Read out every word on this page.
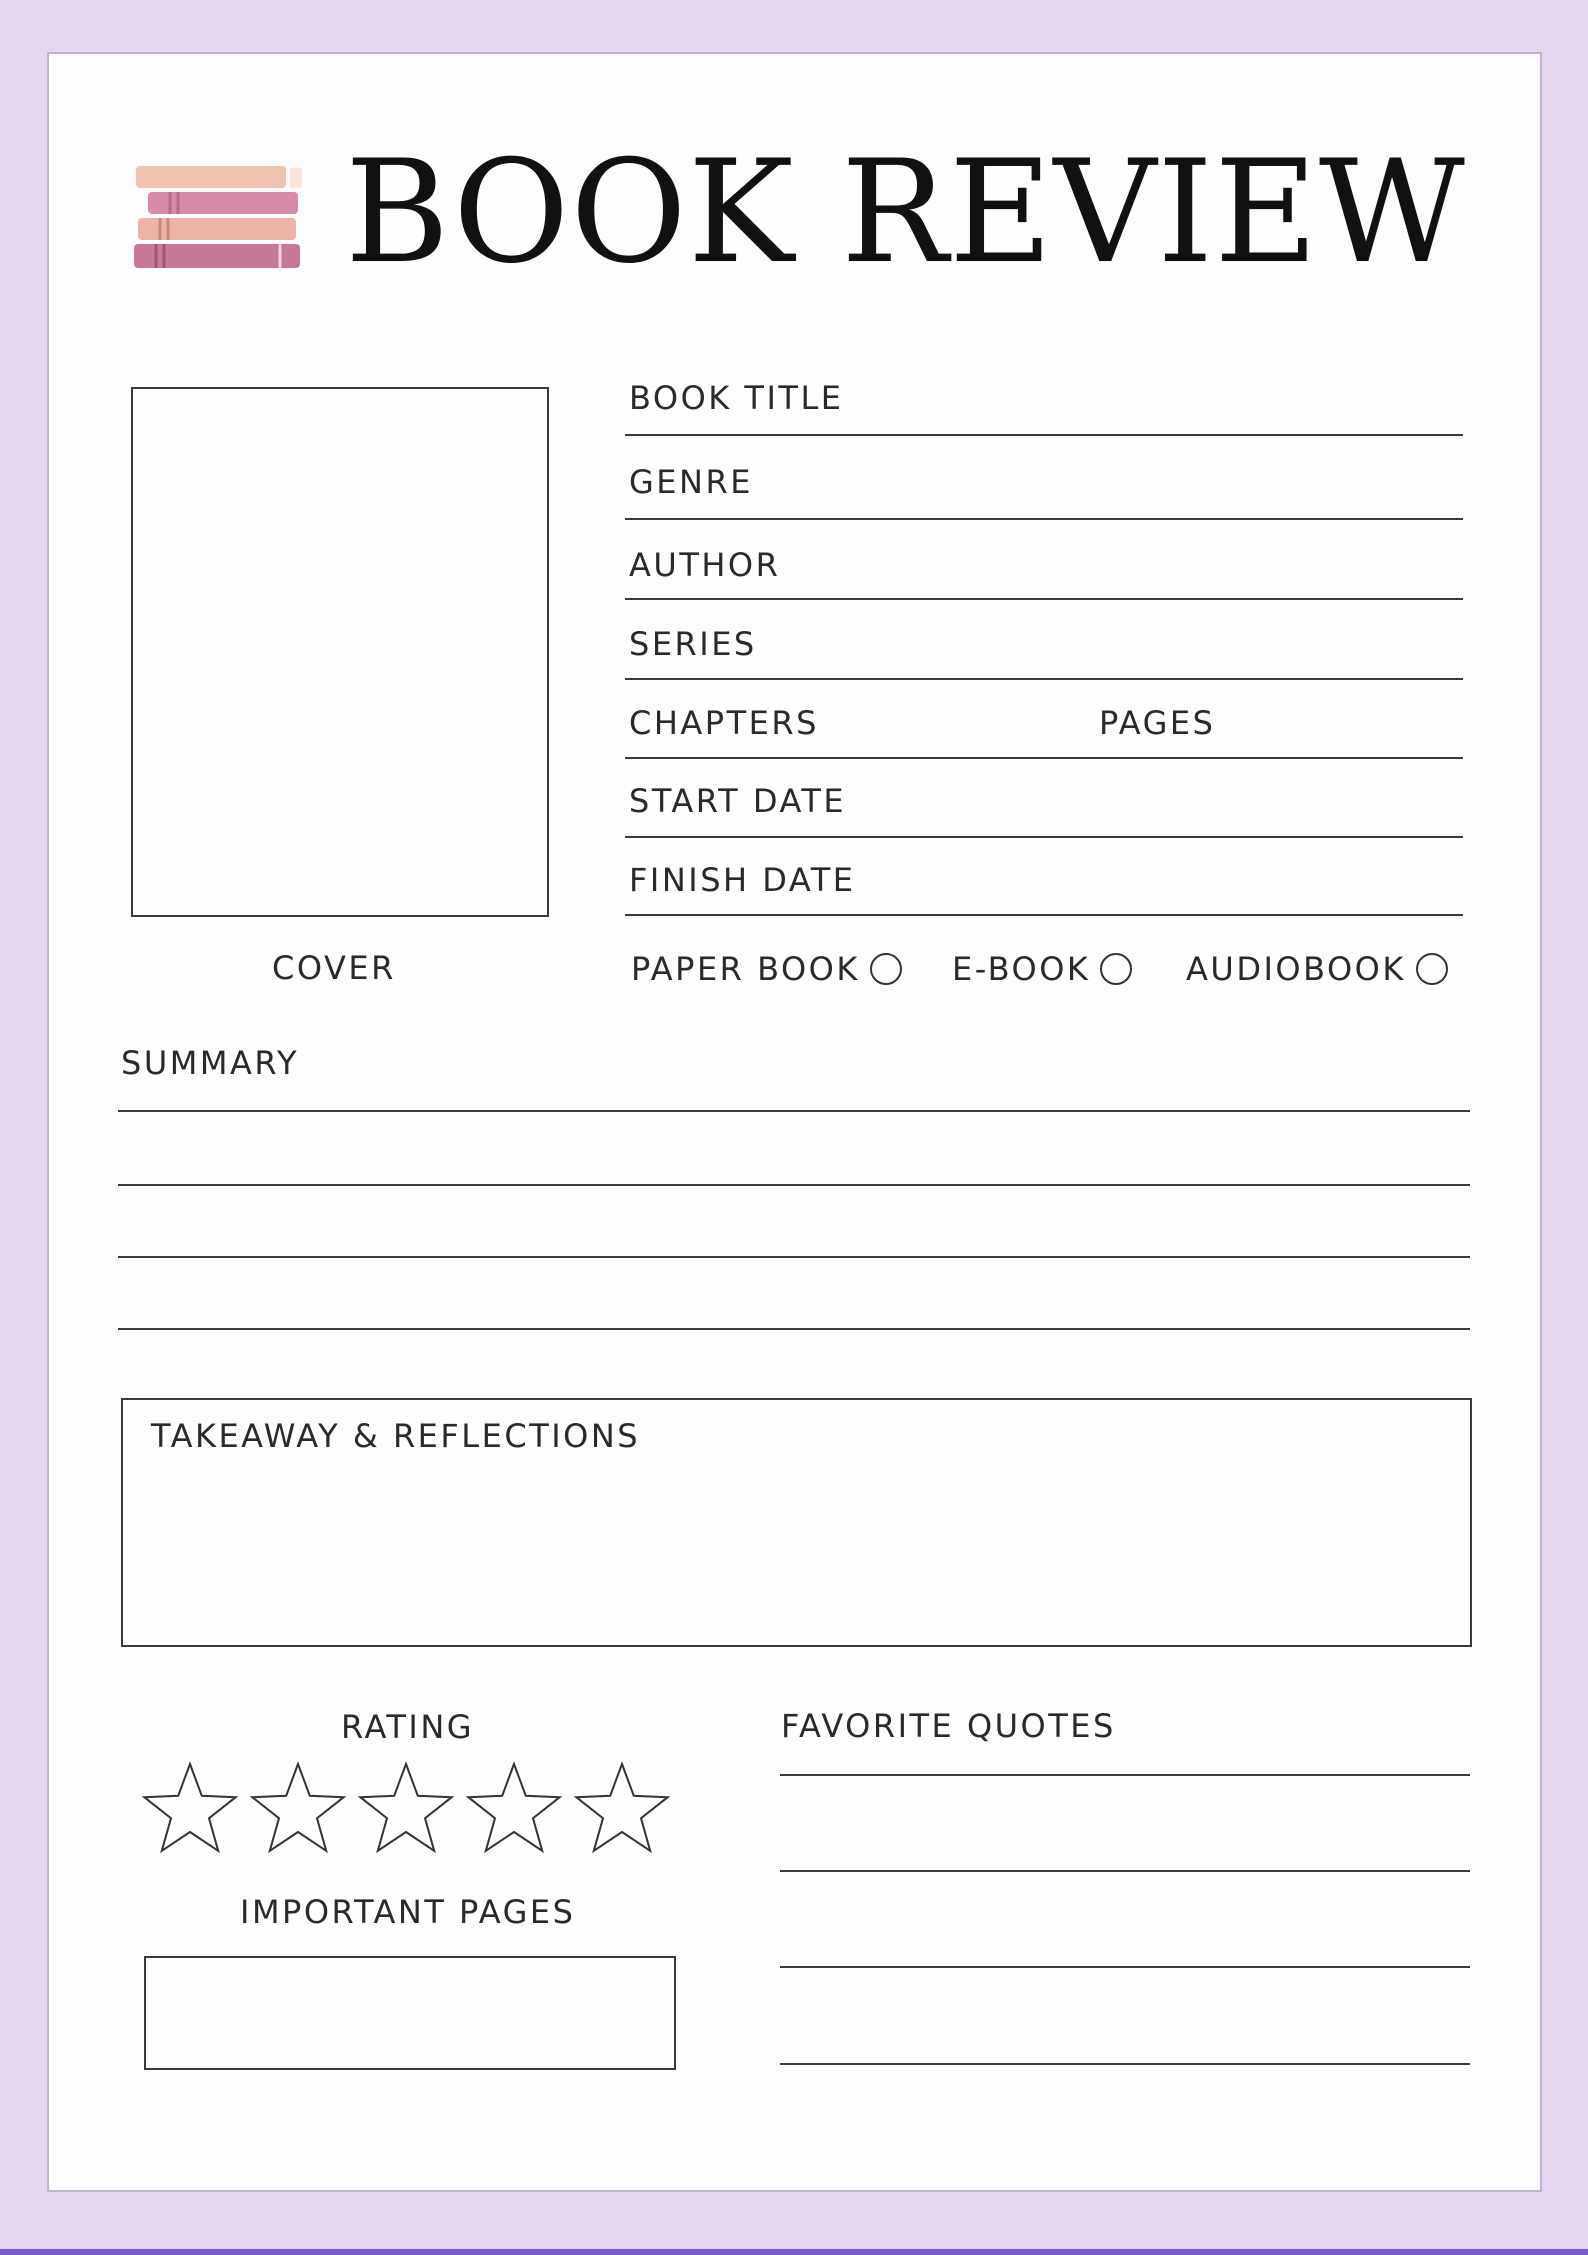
BOOK REVIEW
COVER
BOOK TITLE
GENRE
AUTHOR
SERIES
CHAPTERS	PAGES
START DATE
FINISH DATE
PAPER BOOK	E-BOOK	AUDIOBOOK
SUMMARY
TAKEAWAY & REFLECTIONS
RATING
IMPORTANT PAGES
FAVORITE QUOTES
